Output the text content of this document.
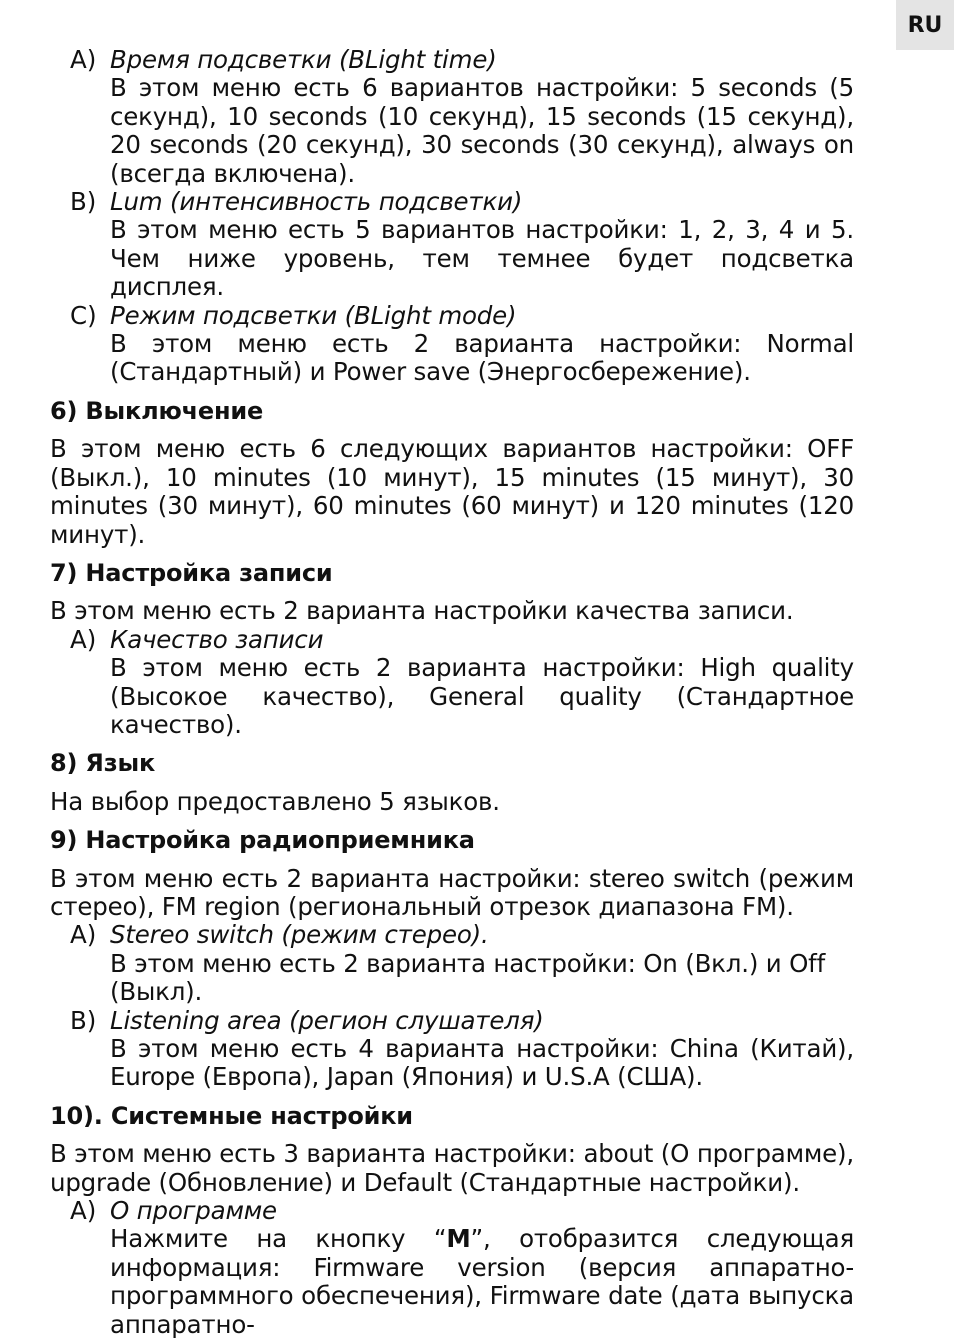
RU
A) Время подсветки (BLight time)

В этом меню есть 6 вариантов настройки: 5 seconds (5 секунд), 10 seconds (10 секунд), 15 seconds (15 секунд), 20 seconds (20 секунд), 30 seconds (30 секунд), always on (всегда включена).

B) Lum (интенсивность подсветки)

В этом меню есть 5 вариантов настройки: 1, 2, 3, 4 и 5. Чем ниже уровень, тем темнее будет подсветка дисплея.

C) Режим подсветки (BLight mode)

В этом меню есть 2 варианта настройки: Normal (Стандартный) и Power save (Энергосбережение).

6) Выключение

В этом меню есть 6 следующих вариантов настройки: OFF (Выкл.), 10 minutes (10 минут), 15 minutes (15 минут), 30 minutes (30 минут), 60 minutes (60 минут) и 120 minutes (120 минут).

7) Настройка записи

В этом меню есть 2 варианта настройки качества записи.

A) Качество записи

В этом меню есть 2 варианта настройки: High quality (Высокое качество), General quality (Стандартное качество).

8) Язык

На выбор предоставлено 5 языков.

9) Настройка радиоприемника

В этом меню есть 2 варианта настройки: stereo switch (режим стерео), FM region (региональный отрезок диапазона FM).

A) Stereo switch (режим стерео).

В этом меню есть 2 варианта настройки: On (Вкл.) и Off (Выкл).

B) Listening area (регион слушателя)

В этом меню есть 4 варианта настройки: China (Китай), Europe (Европа), Japan (Япония) и U.S.A (США).

10). Системные настройки

В этом меню есть 3 варианта настройки: about (О программе), upgrade (Обновление) и Default (Стандартные настройки).

A) О программе

Нажмите на кнопку “M”, отобразится следующая информация: Firmware version (версия аппаратно-программного обеспечения), Firmware date (дата выпуска аппаратно-
